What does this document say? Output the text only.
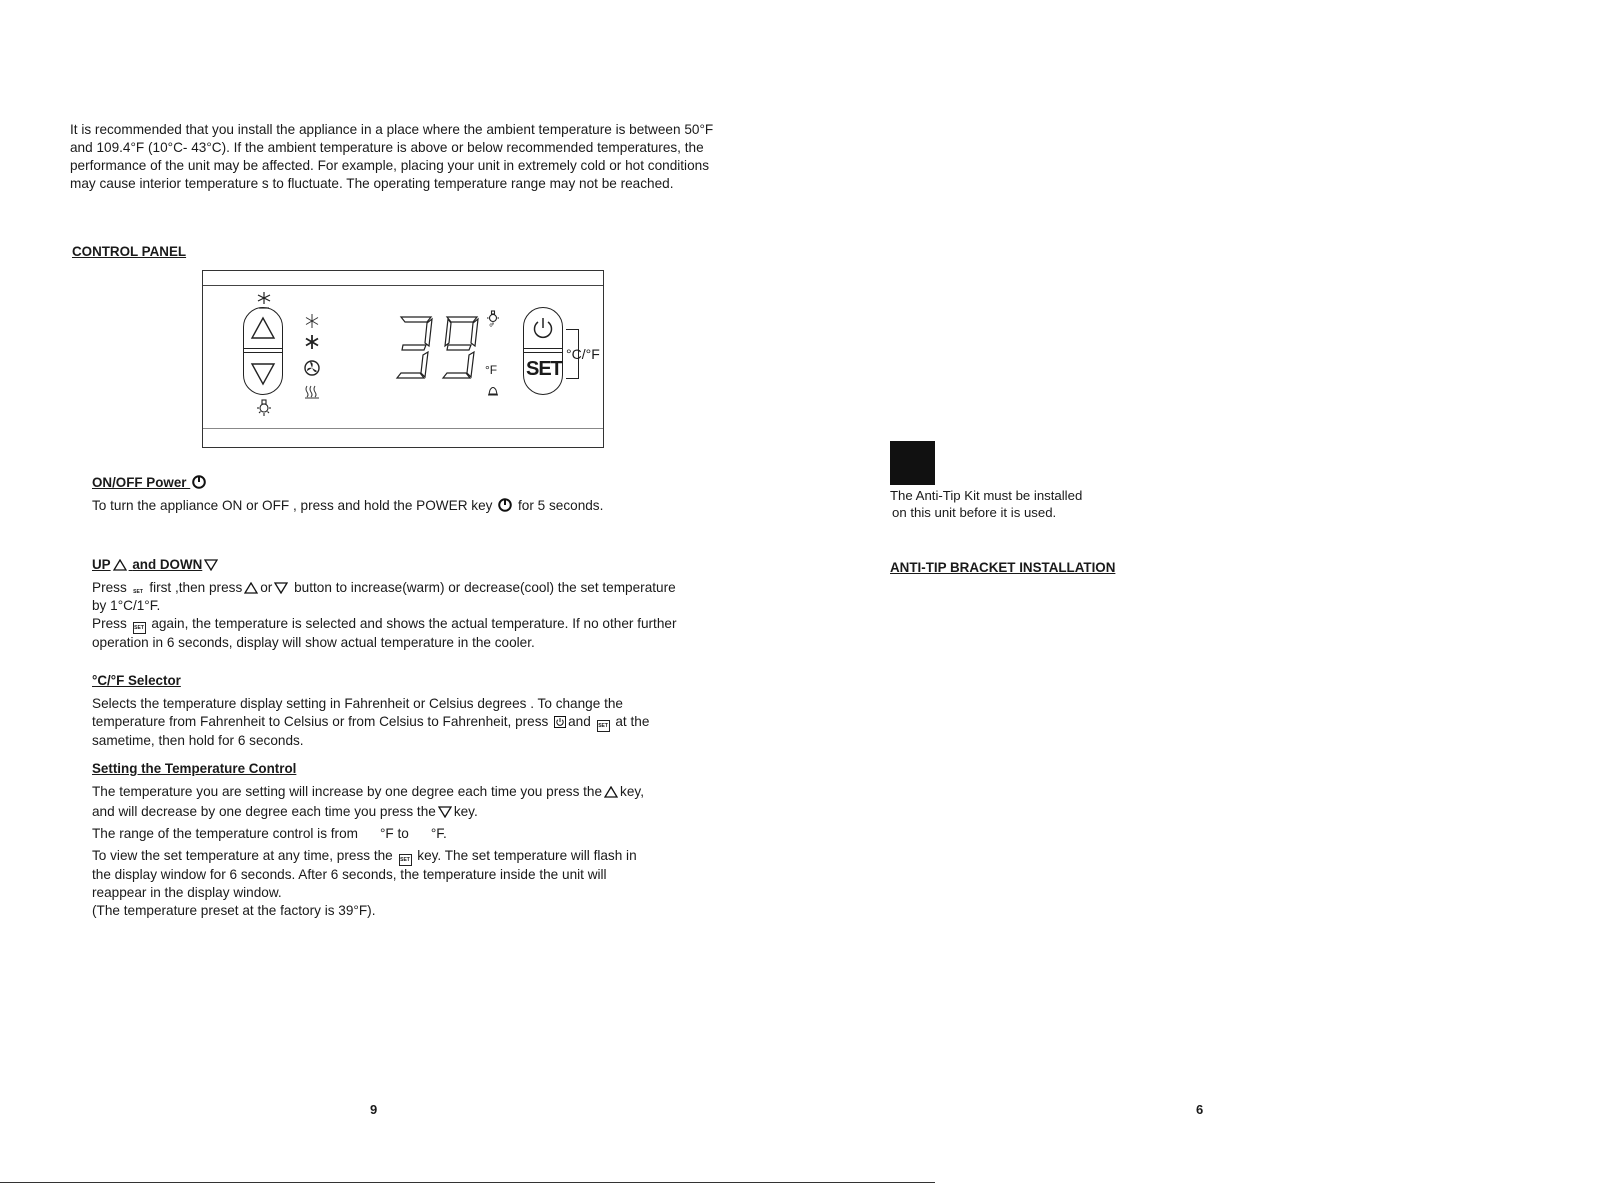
It is recommended that you install the appliance in a place where the ambient temperature is between 50°F

and 109.4°F (10°C- 43°C). If the ambient temperature is above or below recommended temperatures, the

performance of the unit may be affected. For example, placing your unit in extremely cold or hot conditions

may cause interior temperature s to fluctuate. The operating temperature range may not be reached.

CONTROL PANEL
°
°F SET
°C/°F
ON/OFF Power

To turn the appliance ON or OFF , press and hold the POWER key for 5 seconds.

UP and DOWN

Press SET first ,then press or button to increase(warm) or decrease(cool) the set temperature

by 1°C/1°F.

Press SET again, the temperature is selected and shows the actual temperature. If no other further

operation in 6 seconds, display will show actual temperature in the cooler.

°C/°F Selector

Selects the temperature display setting in Fahrenheit or Celsius degrees . To change the

temperature from Fahrenheit to Celsius or from Celsius to Fahrenheit, press and SET at the

sametime, then hold for 6 seconds.

Setting the Temperature Control

The temperature you are setting will increase by one degree each time you press the key,

and will decrease by one degree each time you press the key.

The range of the temperature control is from °F to °F.

To view the set temperature at any time, press the SET key. The set temperature will flash in

the display window for 6 seconds. After 6 seconds, the temperature inside the unit will

reappear in the display window.

(The temperature preset at the factory is 39°F).

The Anti-Tip Kit must be installed

on this unit before it is used.

ANTI-TIP BRACKET INSTALLATION
9	6
